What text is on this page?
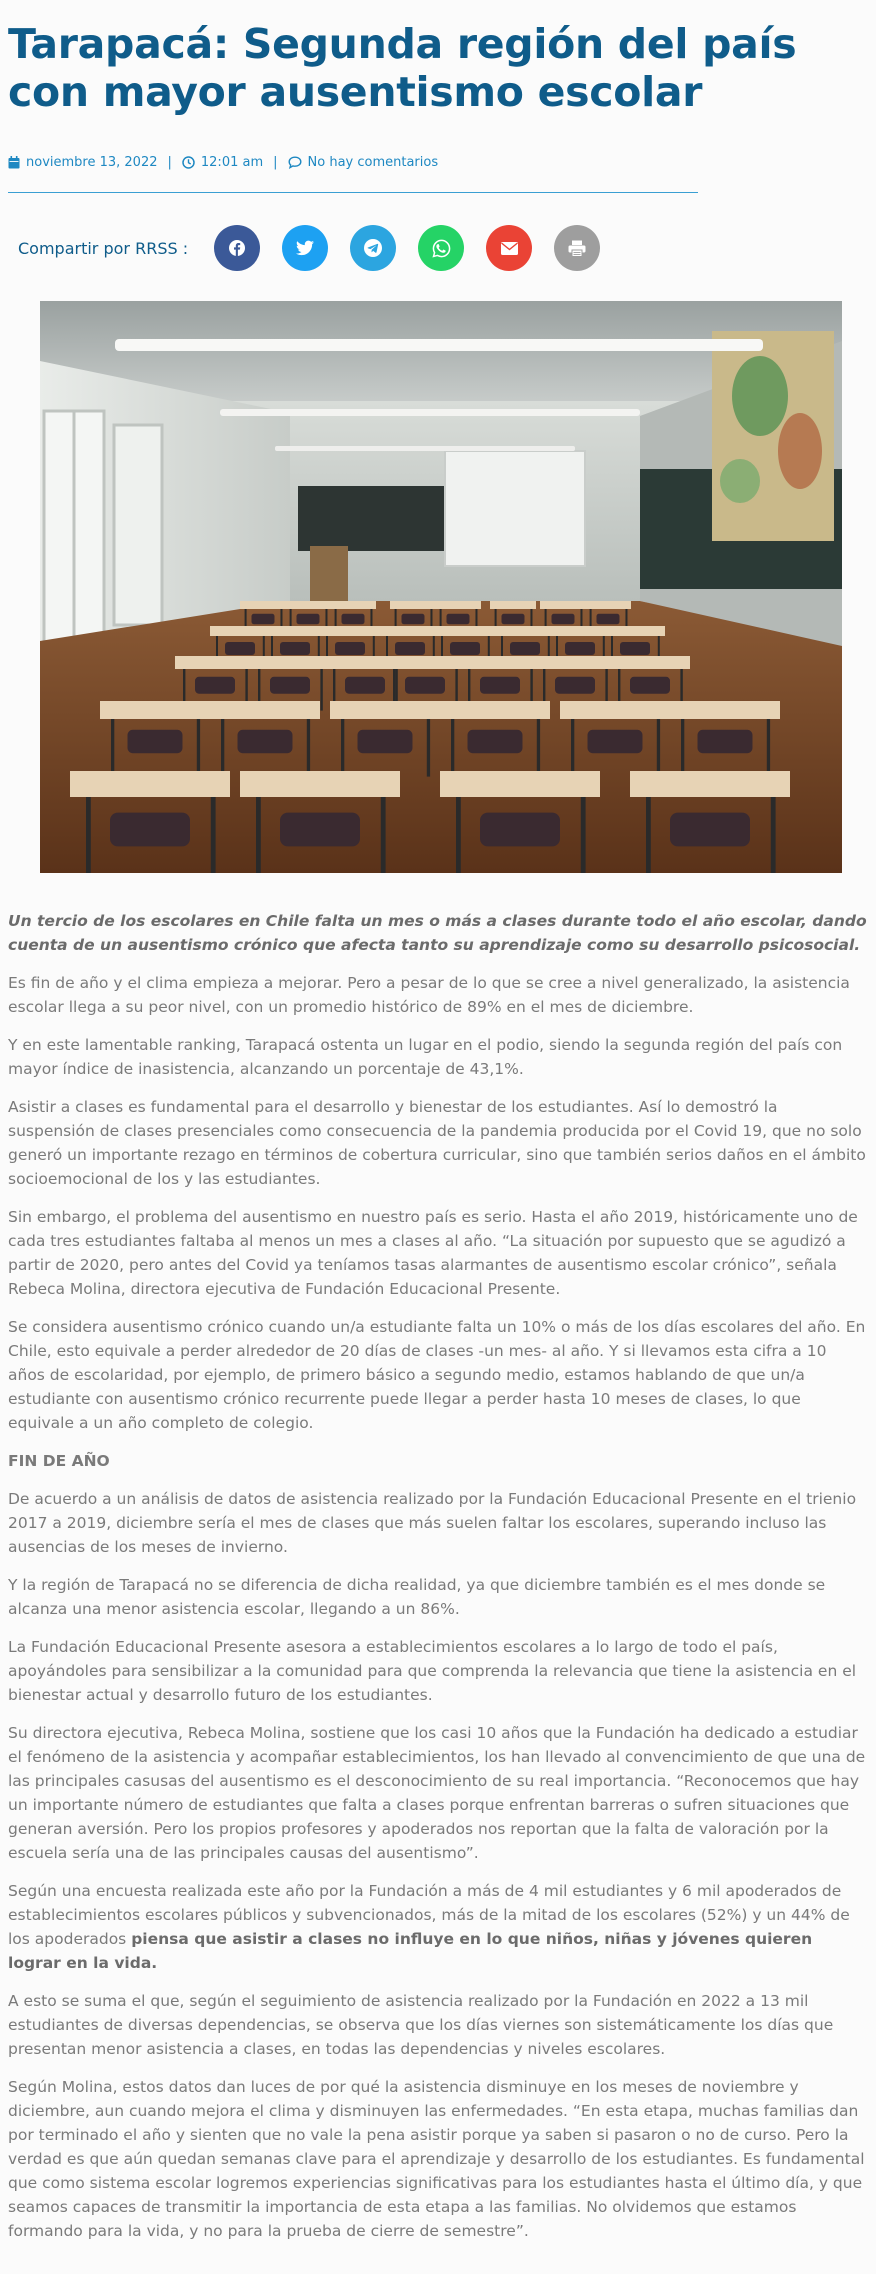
Tarapacá: Segunda región del país con mayor ausentismo escolar
noviembre 13, 2022 | 12:01 am | No hay comentarios
Compartir por RRSS :

Un tercio de los escolares en Chile falta un mes o más a clases durante todo el año escolar, dando cuenta de un ausentismo crónico que afecta tanto su aprendizaje como su desarrollo psicosocial.

Es fin de año y el clima empieza a mejorar. Pero a pesar de lo que se cree a nivel generalizado, la asistencia escolar llega a su peor nivel, con un promedio histórico de 89% en el mes de diciembre.

Y en este lamentable ranking, Tarapacá ostenta un lugar en el podio, siendo la segunda región del país con mayor índice de inasistencia, alcanzando un porcentaje de 43,1%.

Asistir a clases es fundamental para el desarrollo y bienestar de los estudiantes. Así lo demostró la suspensión de clases presenciales como consecuencia de la pandemia producida por el Covid 19, que no solo generó un importante rezago en términos de cobertura curricular, sino que también serios daños en el ámbito socioemocional de los y las estudiantes.

Sin embargo, el problema del ausentismo en nuestro país es serio. Hasta el año 2019, históricamente uno de cada tres estudiantes faltaba al menos un mes a clases al año. “La situación por supuesto que se agudizó a partir de 2020, pero antes del Covid ya teníamos tasas alarmantes de ausentismo escolar crónico”, señala Rebeca Molina, directora ejecutiva de Fundación Educacional Presente.

Se considera ausentismo crónico cuando un/a estudiante falta un 10% o más de los días escolares del año. En Chile, esto equivale a perder alrededor de 20 días de clases -un mes- al año. Y si llevamos esta cifra a 10 años de escolaridad, por ejemplo, de primero básico a segundo medio, estamos hablando de que un/a estudiante con ausentismo crónico recurrente puede llegar a perder hasta 10 meses de clases, lo que equivale a un año completo de colegio.

FIN DE AÑO

De acuerdo a un análisis de datos de asistencia realizado por la Fundación Educacional Presente en el trienio 2017 a 2019, diciembre sería el mes de clases que más suelen faltar los escolares, superando incluso las ausencias de los meses de invierno.

Y la región de Tarapacá no se diferencia de dicha realidad, ya que diciembre también es el mes donde se alcanza una menor asistencia escolar, llegando a un 86%.

La Fundación Educacional Presente asesora a establecimientos escolares a lo largo de todo el país, apoyándoles para sensibilizar a la comunidad para que comprenda la relevancia que tiene la asistencia en el bienestar actual y desarrollo futuro de los estudiantes.

Su directora ejecutiva, Rebeca Molina, sostiene que los casi 10 años que la Fundación ha dedicado a estudiar el fenómeno de la asistencia y acompañar establecimientos, los han llevado al convencimiento de que una de las principales casusas del ausentismo es el desconocimiento de su real importancia. “Reconocemos que hay un importante número de estudiantes que falta a clases porque enfrentan barreras o sufren situaciones que generan aversión. Pero los propios profesores y apoderados nos reportan que la falta de valoración por la escuela sería una de las principales causas del ausentismo”.

Según una encuesta realizada este año por la Fundación a más de 4 mil estudiantes y 6 mil apoderados de establecimientos escolares públicos y subvencionados, más de la mitad de los escolares (52%) y un 44% de los apoderados piensa que asistir a clases no influye en lo que niños, niñas y jóvenes quieren lograr en la vida.

A esto se suma el que, según el seguimiento de asistencia realizado por la Fundación en 2022 a 13 mil estudiantes de diversas dependencias, se observa que los días viernes son sistemáticamente los días que presentan menor asistencia a clases, en todas las dependencias y niveles escolares.

Según Molina, estos datos dan luces de por qué la asistencia disminuye en los meses de noviembre y diciembre, aun cuando mejora el clima y disminuyen las enfermedades. “En esta etapa, muchas familias dan por terminado el año y sienten que no vale la pena asistir porque ya saben si pasaron o no de curso. Pero la verdad es que aún quedan semanas clave para el aprendizaje y desarrollo de los estudiantes. Es fundamental que como sistema escolar logremos experiencias significativas para los estudiantes hasta el último día, y que seamos capaces de transmitir la importancia de esta etapa a las familias. No olvidemos que estamos formando para la vida, y no para la prueba de cierre de semestre”.
